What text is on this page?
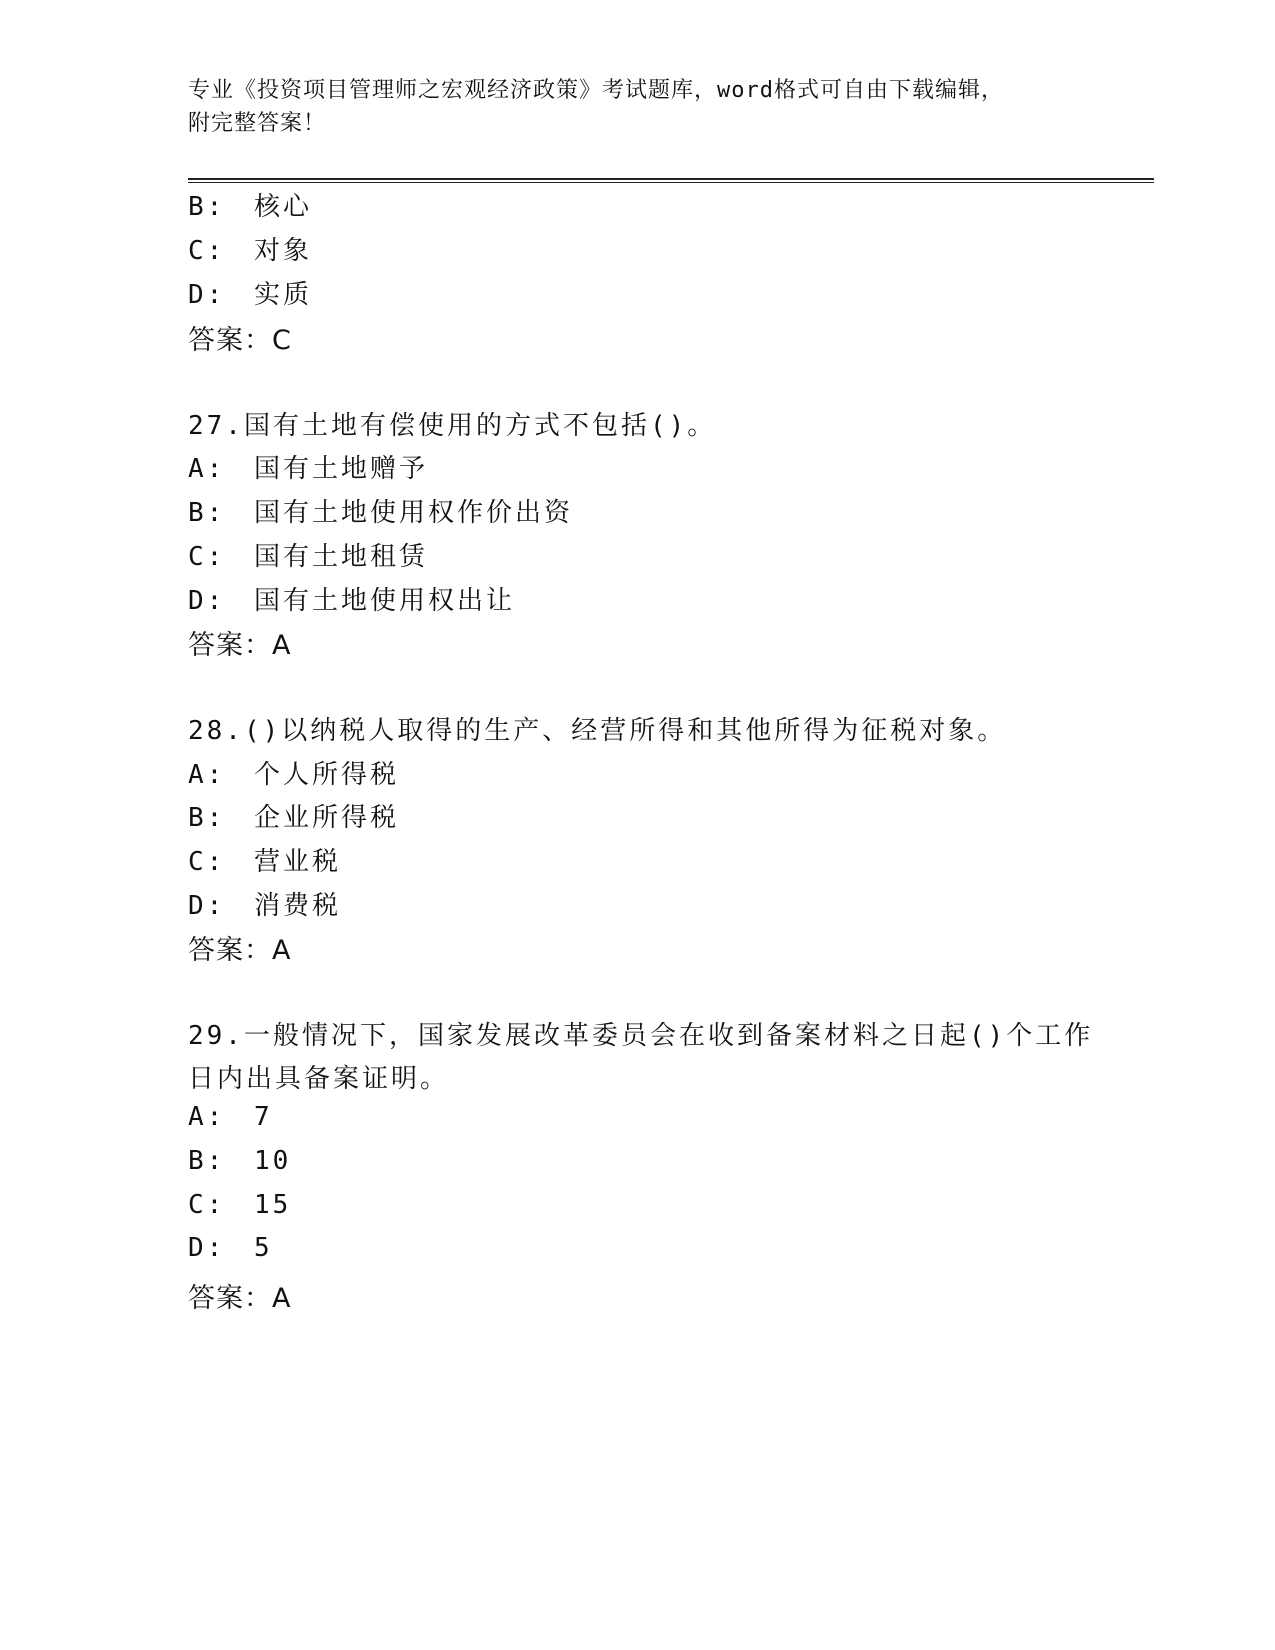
专业《投资项目管理师之宏观经济政策》考试题库，word格式可自由下载编辑，
附完整答案！
B: 核心
C: 对象
D: 实质
答案：C
27.国有土地有偿使用的方式不包括()。
A: 国有土地赠予
B: 国有土地使用权作价出资
C: 国有土地租赁
D: 国有土地使用权出让
答案：A
28.()以纳税人取得的生产、经营所得和其他所得为征税对象。
A: 个人所得税
B: 企业所得税
C: 营业税
D: 消费税
答案：A
29.一般情况下，国家发展改革委员会在收到备案材料之日起()个工作
日内出具备案证明。
A: 7
B: 10
C: 15
D: 5
答案：A
